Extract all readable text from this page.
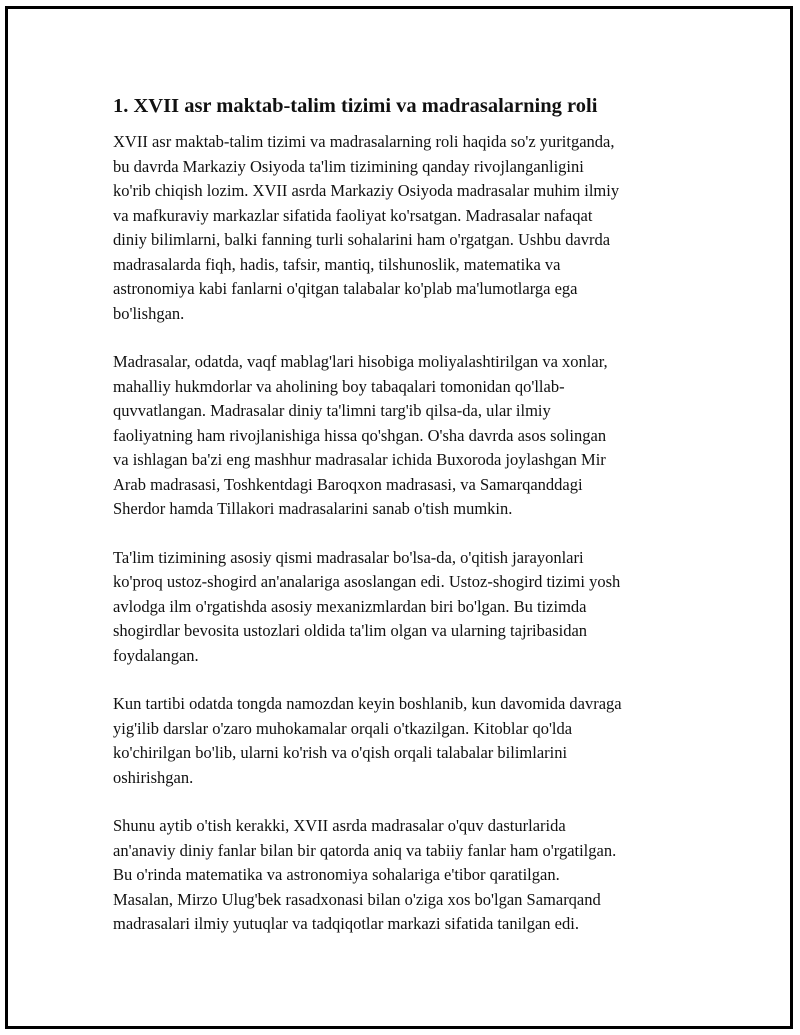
1. XVII asr maktab-talim tizimi va madrasalarning roli
XVII asr maktab-talim tizimi va madrasalarning roli haqida so'z yuritganda,
bu davrda Markaziy Osiyoda ta'lim tizimining qanday rivojlanganligini
ko'rib chiqish lozim. XVII asrda Markaziy Osiyoda madrasalar muhim ilmiy
va mafkuraviy markazlar sifatida faoliyat ko'rsatgan. Madrasalar nafaqat
diniy bilimlarni, balki fanning turli sohalarini ham o'rgatgan. Ushbu davrda
madrasalarda fiqh, hadis, tafsir, mantiq, tilshunoslik, matematika va
astronomiya kabi fanlarni o'qitgan talabalar ko'plab ma'lumotlarga ega
bo'lishgan.
Madrasalar, odatda, vaqf mablag'lari hisobiga moliyalashtirilgan va xonlar,
mahalliy hukmdorlar va aholining boy tabaqalari tomonidan qo'llab-
quvvatlangan. Madrasalar diniy ta'limni targ'ib qilsa-da, ular ilmiy
faoliyatning ham rivojlanishiga hissa qo'shgan. O'sha davrda asos solingan
va ishlagan ba'zi eng mashhur madrasalar ichida Buxoroda joylashgan Mir
Arab madrasasi, Toshkentdagi Baroqxon madrasasi, va Samarqanddagi
Sherdor hamda Tillakori madrasalarini sanab o'tish mumkin.
Ta'lim tizimining asosiy qismi madrasalar bo'lsa-da, o'qitish jarayonlari
ko'proq ustoz-shogird an'analariga asoslangan edi. Ustoz-shogird tizimi yosh
avlodga ilm o'rgatishda asosiy mexanizmlardan biri bo'lgan. Bu tizimda
shogirdlar bevosita ustozlari oldida ta'lim olgan va ularning tajribasidan
foydalangan.
Kun tartibi odatda tongda namozdan keyin boshlanib, kun davomida davraga
yig'ilib darslar o'zaro muhokamalar orqali o'tkazilgan. Kitoblar qo'lda
ko'chirilgan bo'lib, ularni ko'rish va o'qish orqali talabalar bilimlarini
oshirishgan.
Shunu aytib o'tish kerakki, XVII asrda madrasalar o'quv dasturlarida
an'anaviy diniy fanlar bilan bir qatorda aniq va tabiiy fanlar ham o'rgatilgan.
Bu o'rinda matematika va astronomiya sohalariga e'tibor qaratilgan.
Masalan, Mirzo Ulug'bek rasadxonasi bilan o'ziga xos bo'lgan Samarqand
madrasalari ilmiy yutuqlar va tadqiqotlar markazi sifatida tanilgan edi.
